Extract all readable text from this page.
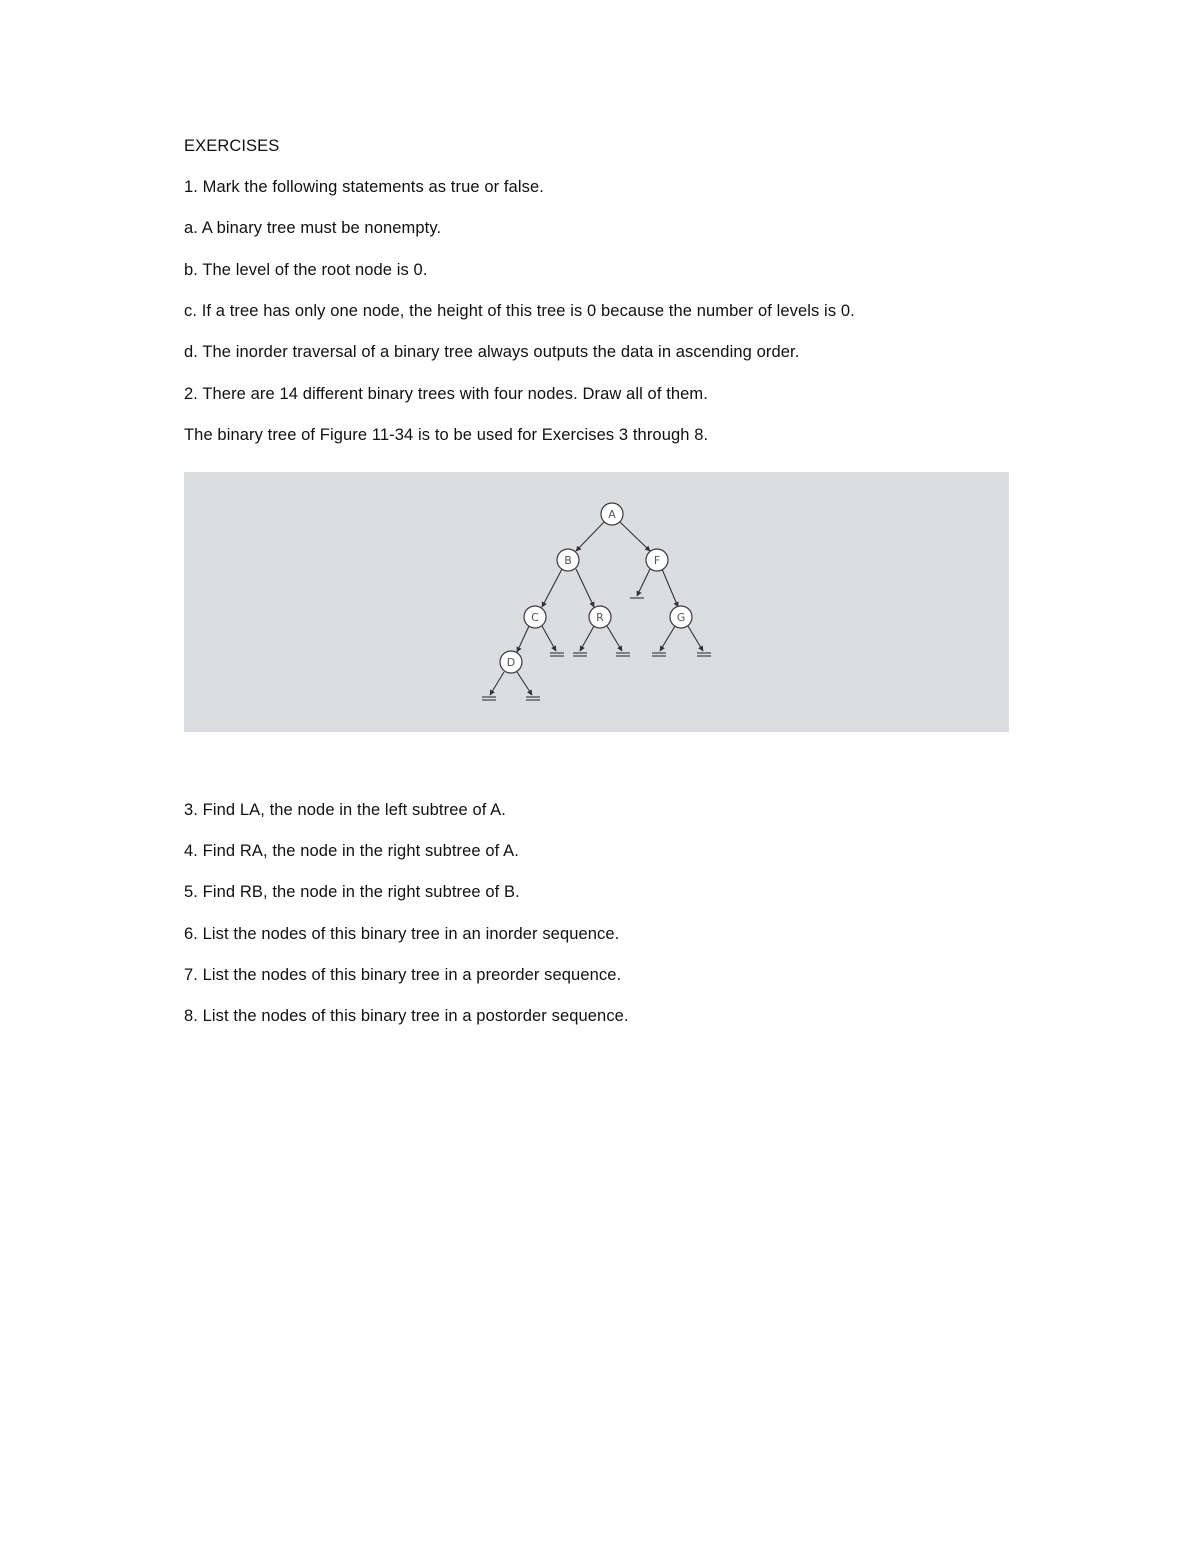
EXERCISES
1. Mark the following statements as true or false.
a. A binary tree must be nonempty.
b. The level of the root node is 0.
c. If a tree has only one node, the height of this tree is 0 because the number of levels is 0.
d. The inorder traversal of a binary tree always outputs the data in ascending order.
2. There are 14 different binary trees with four nodes. Draw all of them.
The binary tree of Figure 11-34 is to be used for Exercises 3 through 8.
A
B	F
C	R	G
D
3. Find LA, the node in the left subtree of A.
4. Find RA, the node in the right subtree of A.
5. Find RB, the node in the right subtree of B.
6. List the nodes of this binary tree in an inorder sequence.
7. List the nodes of this binary tree in a preorder sequence.
8. List the nodes of this binary tree in a postorder sequence.
